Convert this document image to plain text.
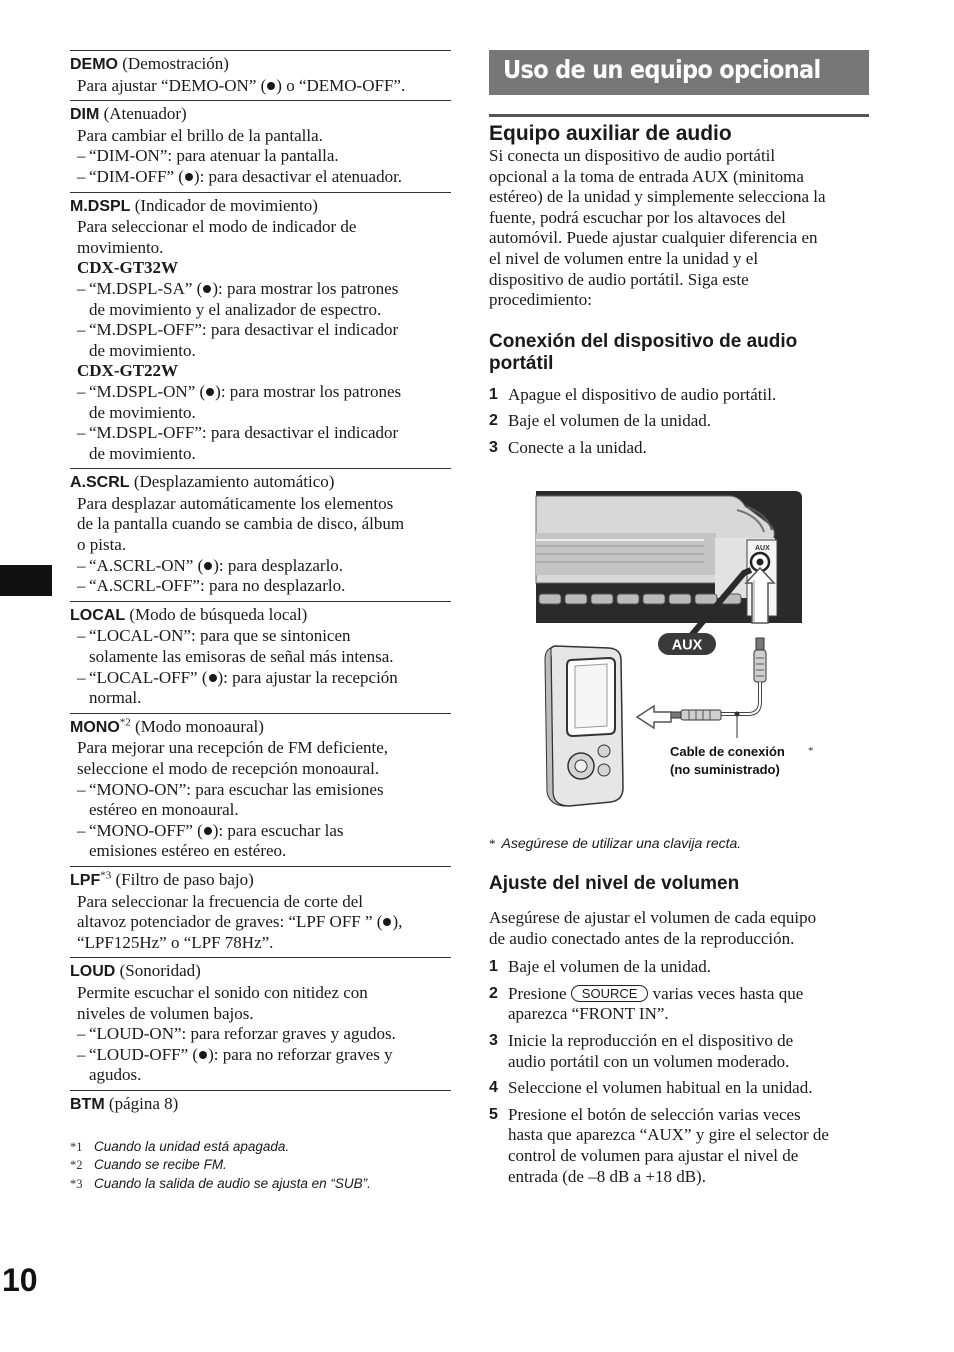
DEMO (Demostración)
Para ajustar “DEMO-ON” ( ) o “DEMO-OFF”.
DIM (Atenuador)
Para cambiar el brillo de la pantalla.
– “DIM-ON”: para atenuar la pantalla.
– “DIM-OFF” ( ): para desactivar el atenuador.
M.DSPL (Indicador de movimiento)
Para seleccionar el modo de indicador de
movimiento.
CDX-GT32W
– “M.DSPL-SA” ( ): para mostrar los patrones
de movimiento y el analizador de espectro.
– “M.DSPL-OFF”: para desactivar el indicador
de movimiento.
CDX-GT22W
– “M.DSPL-ON” ( ): para mostrar los patrones
de movimiento.
– “M.DSPL-OFF”: para desactivar el indicador
de movimiento.
A.SCRL (Desplazamiento automático)
Para desplazar automáticamente los elementos
de la pantalla cuando se cambia de disco, álbum
o pista.
– “A.SCRL-ON” ( ): para desplazarlo.
– “A.SCRL-OFF”: para no desplazarlo.
LOCAL (Modo de búsqueda local)
– “LOCAL-ON”: para que se sintonicen
solamente las emisoras de señal más intensa.
– “LOCAL-OFF” ( ): para ajustar la recepción
normal.
MONO$^{*2}$ (Modo monoaural)
Para mejorar una recepción de FM deficiente,
seleccione el modo de recepción monoaural.
– “MONO-ON”: para escuchar las emisiones
estéreo en monoaural.
– “MONO-OFF” ( ): para escuchar las
emisiones estéreo en estéreo.
LPF$^{*3}$ (Filtro de paso bajo)
Para seleccionar la frecuencia de corte del
altavoz potenciador de graves: “LPF OFF ” ( ),
“LPF125Hz” o “LPF 78Hz”.
LOUD (Sonoridad)
Permite escuchar el sonido con nitidez con
niveles de volumen bajos.
– “LOUD-ON”: para reforzar graves y agudos.
– “LOUD-OFF” ( ): para no reforzar graves y
agudos.
BTM (página 8)
*1 Cuando la unidad está apagada.
*2 Cuando se recibe FM.
*3 Cuando la salida de audio se ajusta en “SUB”.
10
Uso de un equipo opcional
Equipo auxiliar de audio
Si conecta un dispositivo de audio portátil
opcional a la toma de entrada AUX (minitoma
estéreo) de la unidad y simplemente selecciona la
fuente, podrá escuchar por los altavoces del
automóvil. Puede ajustar cualquier diferencia en
el nivel de volumen entre la unidad y el
dispositivo de audio portátil. Siga este
procedimiento:
Conexión del dispositivo de audio
portátil
1 Apague el dispositivo de audio portátil.
2 Baje el volumen de la unidad.
3 Conecte a la unidad.
AUX
AUX
Cable de conexión *
(no suministrado)
* Asegúrese de utilizar una clavija recta.
Ajuste del nivel de volumen
Asegúrese de ajustar el volumen de cada equipo
de audio conectado antes de la reproducción.
1 Baje el volumen de la unidad.
2 Presione SOURCE varias veces hasta que
aparezca “FRONT IN”.
3 Inicie la reproducción en el dispositivo de
audio portátil con un volumen moderado.
4 Seleccione el volumen habitual en la unidad.
5 Presione el botón de selección varias veces
hasta que aparezca “AUX” y gire el selector de
control de volumen para ajustar el nivel de
entrada (de –8 dB a +18 dB).
